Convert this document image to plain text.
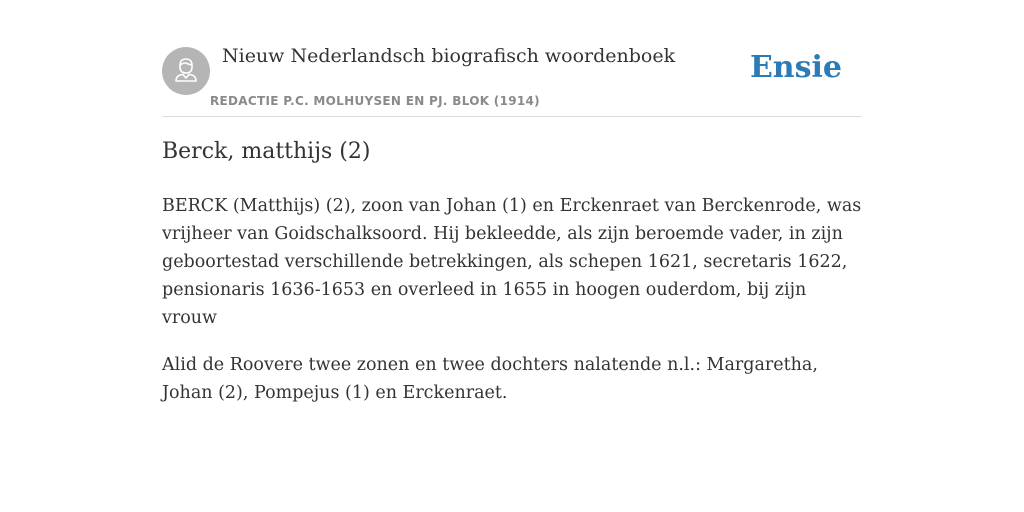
Nieuw Nederlandsch biografisch woordenboek
REDACTIE P.C. MOLHUYSEN EN PJ. BLOK (1914)
Ensie
Berck, matthijs (2)

BERCK (Matthijs) (2), zoon van Johan (1) en Erckenraet van Berckenrode, was vrijheer van Goidschalksoord. Hij bekleedde, als zijn beroemde vader, in zijn geboortestad verschillende betrekkingen, als schepen 1621, secretaris 1622, pensionaris 1636-1653 en overleed in 1655 in hoogen ouderdom, bij zijn vrouw

Alid de Roovere twee zonen en twee dochters nalatende n.l.: Margaretha, Johan (2), Pompejus (1) en Erckenraet.
